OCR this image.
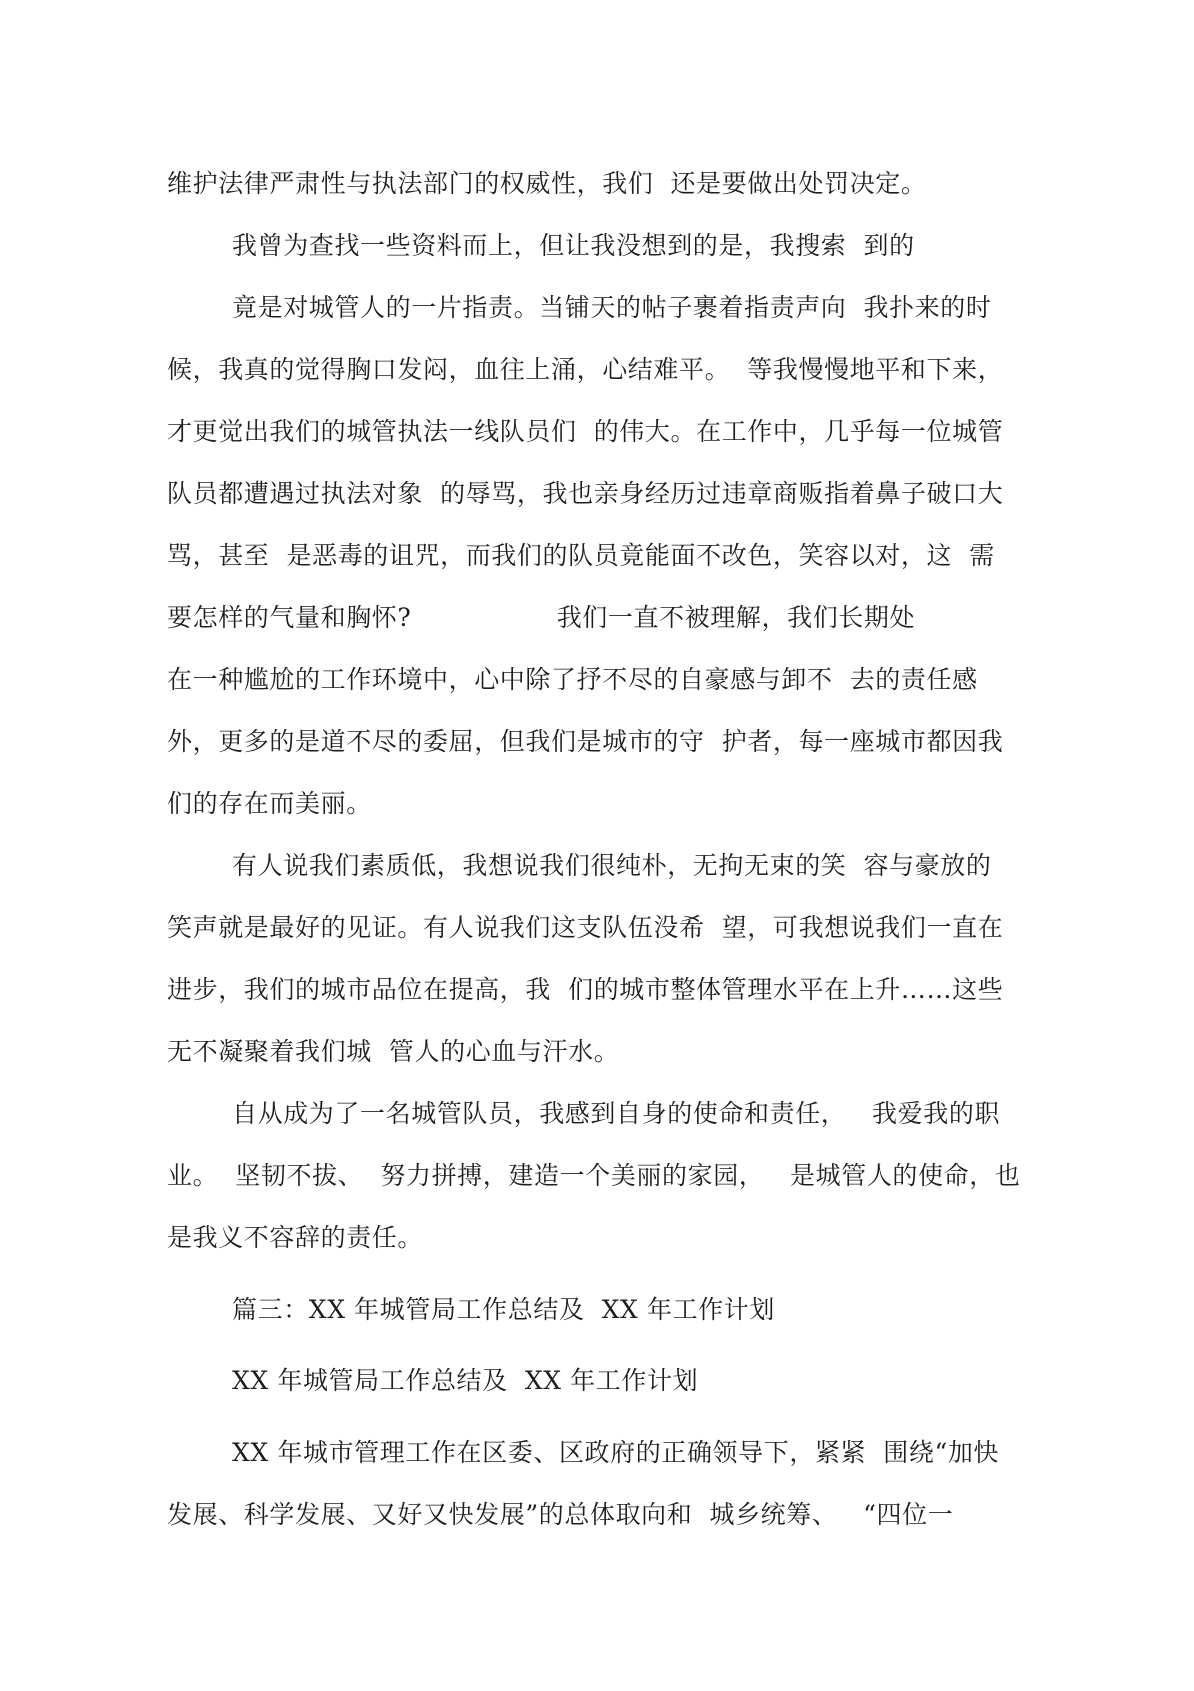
维护法律严肃性与执法部门的权威性，我们  还是要做出处罚决定。
我曾为查找一些资料而上，但让我没想到的是，我搜索  到的
竟是对城管人的一片指责。当铺天的帖子裹着指责声向  我扑来的时
候，我真的觉得胸口发闷，血往上涌，心结难平。  等我慢慢地平和下来，
才更觉出我们的城管执法一线队员们  的伟大。在工作中，几乎每一位城管
队员都遭遇过执法对象  的辱骂，我也亲身经历过违章商贩指着鼻子破口大
骂，甚至  是恶毒的诅咒，而我们的队员竟能面不改色，笑容以对，这  需
要怎样的气量和胸怀?                 我们一直不被理解，我们长期处
在一种尴尬的工作环境中，心中除了抒不尽的自豪感与卸不  去的责任感
外，更多的是道不尽的委屈，但我们是城市的守  护者，每一座城市都因我
们的存在而美丽。
有人说我们素质低，我想说我们很纯朴，无拘无束的笑  容与豪放的
笑声就是最好的见证。有人说我们这支队伍没希  望，可我想说我们一直在
进步，我们的城市品位在提高，我  们的城市整体管理水平在上升……这些
无不凝聚着我们城  管人的心血与汗水。
自从成为了一名城管队员，我感到自身的使命和责任，   我爱我的职
业。  坚韧不拔、  努力拼搏，建造一个美丽的家园，   是城管人的使命，也
是我义不容辞的责任。
篇三：XX 年城管局工作总结及  XX 年工作计划
XX 年城管局工作总结及  XX 年工作计划
XX 年城市管理工作在区委、区政府的正确领导下，紧紧  围绕“加快
发展、科学发展、又好又快发展”的总体取向和  城乡统筹、   “四位一
